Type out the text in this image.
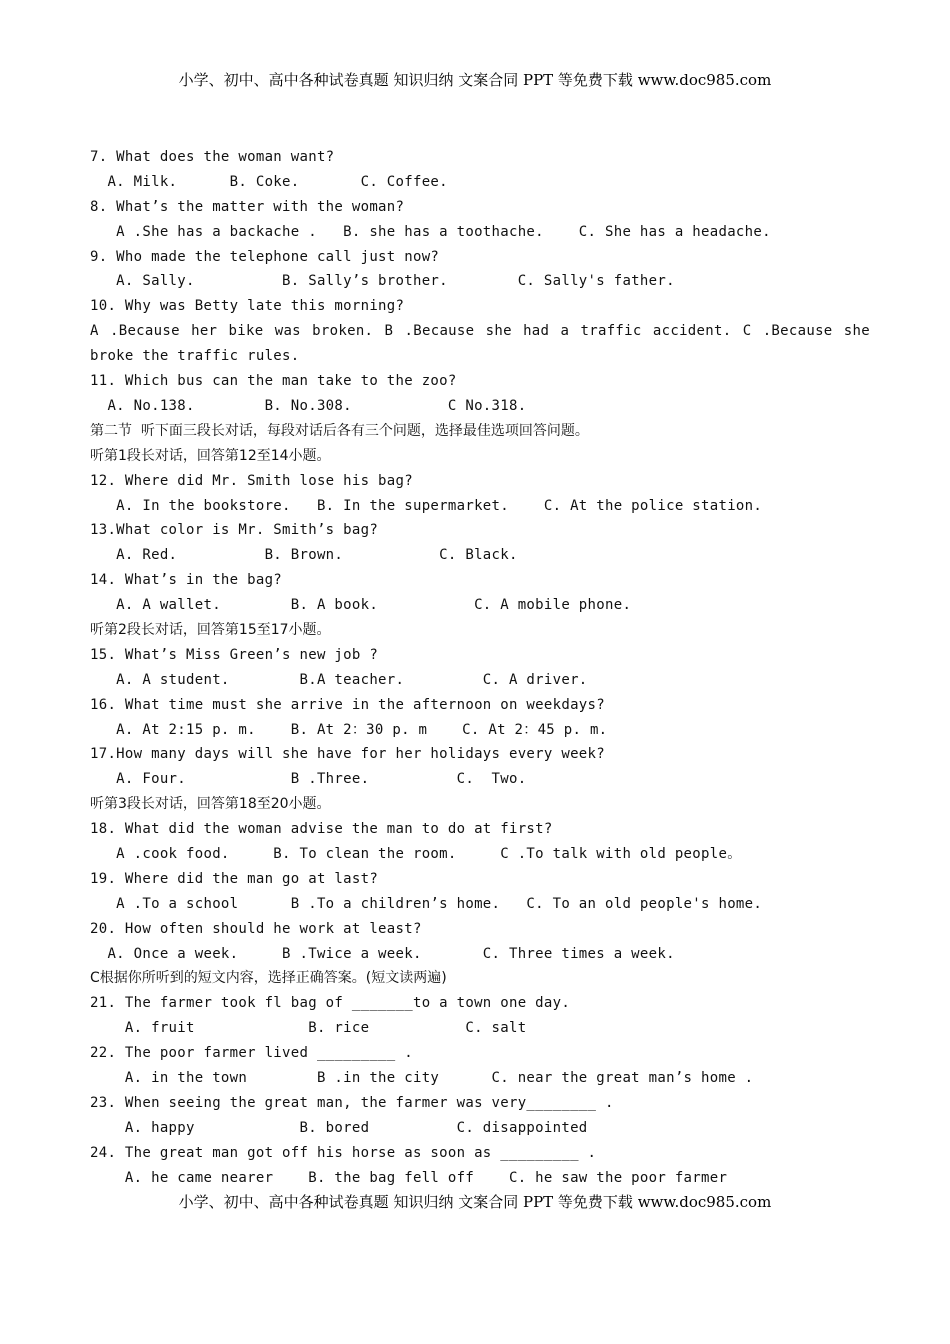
小学、初中、高中各种试卷真题 知识归纳 文案合同 PPT 等免费下载 www.doc985.com
7. What does the woman want?
A. Milk.      B. Coke.       C. Coffee.
8. What’s the matter with the woman?
A .She has a backache .   B. she has a toothache.    C. She has a headache.
9. Who made the telephone call just now?
A. Sally.          B. Sally’s brother.        C. Sally's father.
10. Why was Betty late this morning?
A .Because her bike was broken. B .Because she had a traffic accident. C .Because she broke the traffic rules.
11. Which bus can the man take to the zoo?
A. No.138.        B. No.308.           C No.318.
第二节  听下面三段长对话，每段对话后各有三个问题，选择最佳选项回答问题。
听第1段长对话，回答第12至14小题。
12. Where did Mr. Smith lose his bag?
A. In the bookstore.   B. In the supermarket.    C. At the police station.
13.What color is Mr. Smith’s bag?
A. Red.          B. Brown.           C. Black.
14. What’s in the bag?
A. A wallet.        B. A book.           C. A mobile phone.
听第2段长对话，回答第15至17小题。
15. What’s Miss Green’s new job ?
A. A student.        B.A teacher.         C. A driver.
16. What time must she arrive in the afternoon on weekdays?
A. At 2:15 p. m.    B. At 2：30 p. m    C. At 2：45 p. m.
17.How many days will she have for her holidays every week?
A. Four.            B .Three.          C.  Two.
听第3段长对话，回答第18至20小题。
18. What did the woman advise the man to do at first?
A .cook food.     B. To clean the room.     C .To talk with old people。
19. Where did the man go at last?
A .To a school      B .To a children’s home.   C. To an old people's home.
20. How often should he work at least?
A. Once a week.     B .Twice a week.       C. Three times a week.
C根据你所听到的短文内容，选择正确答案。(短文读两遍)
21. The farmer took fl bag of _______to a town one day.
A. fruit             B. rice           C. salt
22. The poor farmer lived _________ .
A. in the town        B .in the city      C. near the great man’s home .
23. When seeing the great man, the farmer was very________ .
A. happy            B. bored          C. disappointed
24. The great man got off his horse as soon as _________ .
A. he came nearer    B. the bag fell off    C. he saw the poor farmer
小学、初中、高中各种试卷真题 知识归纳 文案合同 PPT 等免费下载 www.doc985.com
